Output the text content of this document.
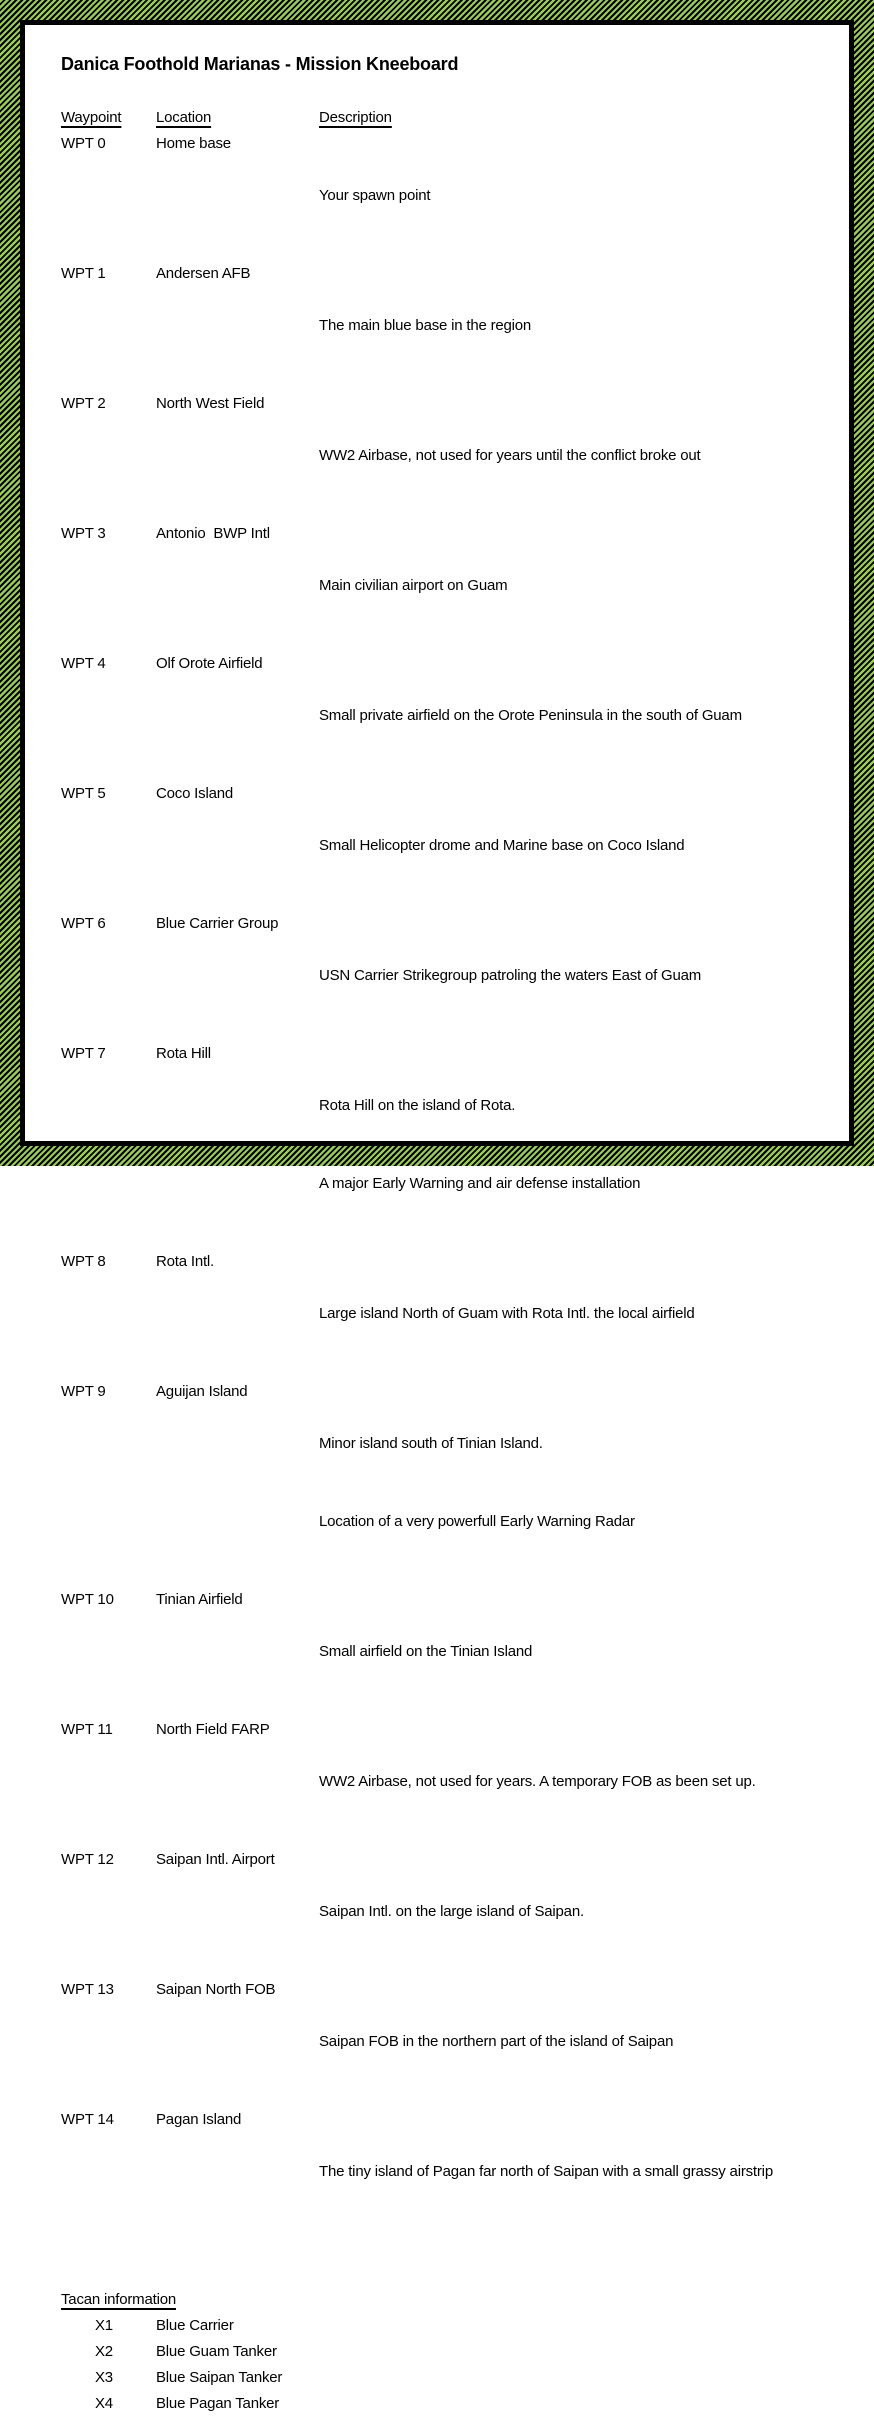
Danica Foothold Marianas - Mission Kneeboard
Waypoint	Location	Description
WPT 0	Home base

Your spawn point

WPT 1	Andersen AFB

The main blue base in the region

WPT 2	North West Field

WW2 Airbase, not used for years until the conflict broke out

WPT 3	Antonio  BWP Intl

Main civilian airport on Guam

WPT 4	Olf Orote Airfield

Small private airfield on the Orote Peninsula in the south of Guam

WPT 5	Coco Island

Small Helicopter drome and Marine base on Coco Island

WPT 6	Blue Carrier Group

USN Carrier Strikegroup patroling the waters East of Guam

WPT 7	Rota Hill

Rota Hill on the island of Rota.

A major Early Warning and air defense installation

WPT 8	Rota Intl.

Large island North of Guam with Rota Intl. the local airfield

WPT 9	Aguijan Island

Minor island south of Tinian Island.

Location of a very powerfull Early Warning Radar

WPT 10	Tinian Airfield

Small airfield on the Tinian Island

WPT 11	North Field FARP

WW2 Airbase, not used for years. A temporary FOB as been set up.

WPT 12	Saipan Intl. Airport

Saipan Intl. on the large island of Saipan.

WPT 13	Saipan North FOB

Saipan FOB in the northern part of the island of Saipan

WPT 14	Pagan Island

The tiny island of Pagan far north of Saipan with a small grassy airstrip

Tacan information
X1	Blue Carrier
X2	Blue Guam Tanker
X3	Blue Saipan Tanker
X4	Blue Pagan Tanker
